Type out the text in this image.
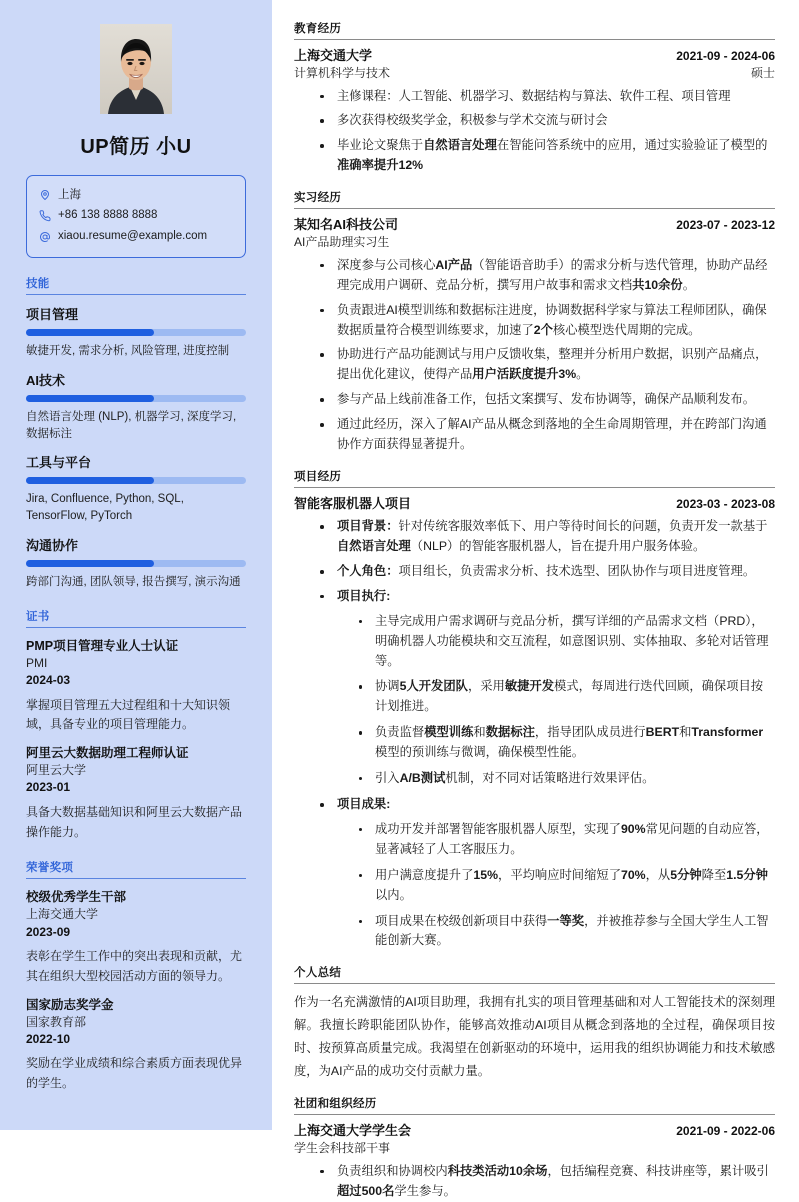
UP简历 小U
上海
+86 138 8888 8888
xiaou.resume@example.com
技能
项目管理
敏捷开发, 需求分析, 风险管理, 进度控制
AI技术
自然语言处理 (NLP), 机器学习, 深度学习, 数据标注
工具与平台
Jira, Confluence, Python, SQL, TensorFlow, PyTorch
沟通协作
跨部门沟通, 团队领导, 报告撰写, 演示沟通
证书
PMP项目管理专业人士认证
PMI
2024-03
掌握项目管理五大过程组和十大知识领域，具备专业的项目管理能力。
阿里云大数据助理工程师认证
阿里云大学
2023-01
具备大数据基础知识和阿里云大数据产品操作能力。
荣誉奖项
校级优秀学生干部
上海交通大学
2023-09
表彰在学生工作中的突出表现和贡献，尤其在组织大型校园活动方面的领导力。
国家励志奖学金
国家教育部
2022-10
奖励在学业成绩和综合素质方面表现优异的学生。
教育经历
上海交通大学	2021-09 - 2024-06
计算机科学与技术	硕士
主修课程：人工智能、机器学习、数据结构与算法、软件工程、项目管理
多次获得校级奖学金，积极参与学术交流与研讨会
毕业论文聚焦于自然语言处理在智能问答系统中的应用，通过实验验证了模型的准确率提升12%
实习经历
某知名AI科技公司	2023-07 - 2023-12
AI产品助理实习生
深度参与公司核心AI产品（智能语音助手）的需求分析与迭代管理，协助产品经理完成用户调研、竞品分析，撰写用户故事和需求文档共10余份。
负责跟进AI模型训练和数据标注进度，协调数据科学家与算法工程师团队，确保数据质量符合模型训练要求，加速了2个核心模型迭代周期的完成。
协助进行产品功能测试与用户反馈收集，整理并分析用户数据，识别产品痛点，提出优化建议，使得产品用户活跃度提升3%。
参与产品上线前准备工作，包括文案撰写、发布协调等，确保产品顺利发布。
通过此经历，深入了解AI产品从概念到落地的全生命周期管理，并在跨部门沟通协作方面获得显著提升。
项目经历
智能客服机器人项目	2023-03 - 2023-08
项目背景：针对传统客服效率低下、用户等待时间长的问题，负责开发一款基于自然语言处理（NLP）的智能客服机器人，旨在提升用户服务体验。
个人角色：项目组长，负责需求分析、技术选型、团队协作与项目进度管理。
项目执行:
主导完成用户需求调研与竞品分析，撰写详细的产品需求文档（PRD），明确机器人功能模块和交互流程，如意图识别、实体抽取、多轮对话管理等。
协调5人开发团队，采用敏捷开发模式，每周进行迭代回顾，确保项目按计划推进。
负责监督模型训练和数据标注，指导团队成员进行BERT和Transformer模型的预训练与微调，确保模型性能。
引入A/B测试机制，对不同对话策略进行效果评估。
项目成果:
成功开发并部署智能客服机器人原型，实现了90%常见问题的自动应答，显著减轻了人工客服压力。
用户满意度提升了15%，平均响应时间缩短了70%，从5分钟降至1.5分钟以内。
项目成果在校级创新项目中获得一等奖，并被推荐参与全国大学生人工智能创新大赛。
个人总结
作为一名充满激情的AI项目助理，我拥有扎实的项目管理基础和对人工智能技术的深刻理解。我擅长跨职能团队协作，能够高效推动AI项目从概念到落地的全过程，确保项目按时、按预算高质量完成。我渴望在创新驱动的环境中，运用我的组织协调能力和技术敏感度，为AI产品的成功交付贡献力量。
社团和组织经历
上海交通大学学生会	2021-09 - 2022-06
学生会科技部干事
负责组织和协调校内科技类活动10余场，包括编程竞赛、科技讲座等，累计吸引超过500名学生参与。
